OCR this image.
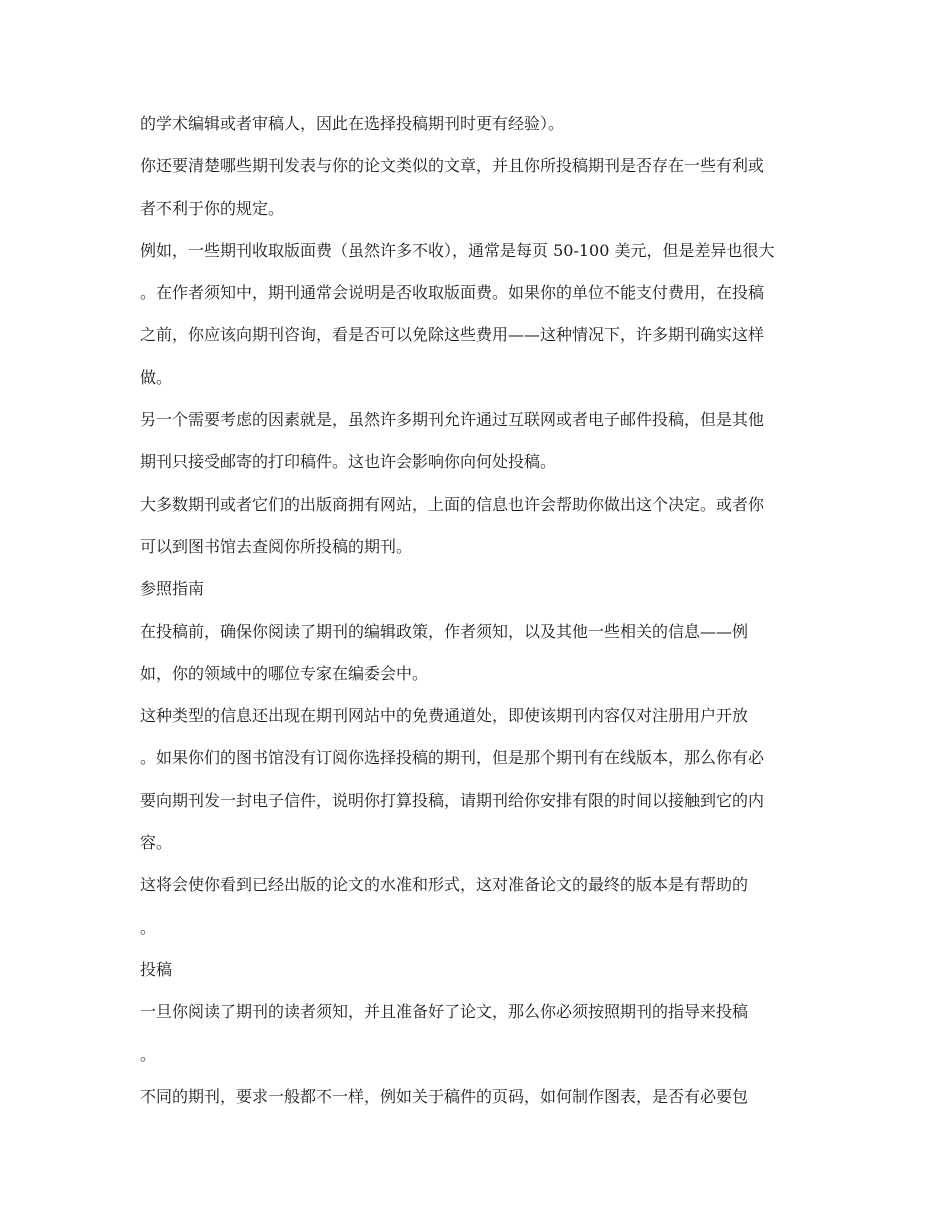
的学术编辑或者审稿人，因此在选择投稿期刊时更有经验）。
你还要清楚哪些期刊发表与你的论文类似的文章，并且你所投稿期刊是否存在一些有利或
者不利于你的规定。
例如，一些期刊收取版面费（虽然许多不收），通常是每页 50-100 美元，但是差异也很大
。在作者须知中，期刊通常会说明是否收取版面费。如果你的单位不能支付费用，在投稿
之前，你应该向期刊咨询，看是否可以免除这些费用——这种情况下，许多期刊确实这样
做。
另一个需要考虑的因素就是，虽然许多期刊允许通过互联网或者电子邮件投稿，但是其他
期刊只接受邮寄的打印稿件。这也许会影响你向何处投稿。
大多数期刊或者它们的出版商拥有网站，上面的信息也许会帮助你做出这个决定。或者你
可以到图书馆去查阅你所投稿的期刊。
参照指南
在投稿前，确保你阅读了期刊的编辑政策，作者须知，以及其他一些相关的信息——例
如，你的领域中的哪位专家在编委会中。
这种类型的信息还出现在期刊网站中的免费通道处，即使该期刊内容仅对注册用户开放
。如果你们的图书馆没有订阅你选择投稿的期刊，但是那个期刊有在线版本，那么你有必
要向期刊发一封电子信件，说明你打算投稿，请期刊给你安排有限的时间以接触到它的内
容。
这将会使你看到已经出版的论文的水准和形式，这对准备论文的最终的版本是有帮助的
。
投稿
一旦你阅读了期刊的读者须知，并且准备好了论文，那么你必须按照期刊的指导来投稿
。
不同的期刊，要求一般都不一样，例如关于稿件的页码，如何制作图表，是否有必要包
